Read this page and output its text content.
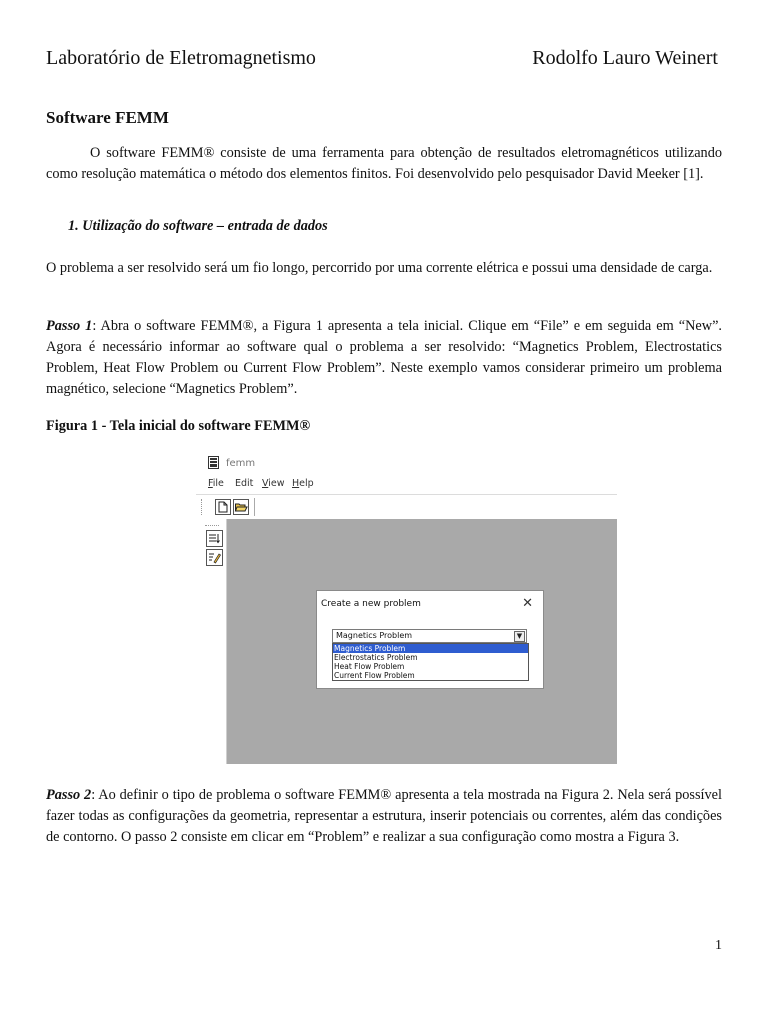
Laboratório de Eletromagnetismo	Rodolfo Lauro Weinert
Software FEMM

O software FEMM® consiste de uma ferramenta para obtenção de resultados eletromagnéticos utilizando como resolução matemática o método dos elementos finitos. Foi desenvolvido pelo pesquisador David Meeker [1].

1. Utilização do software – entrada de dados

O problema a ser resolvido será um fio longo, percorrido por uma corrente elétrica e possui uma densidade de carga.

Passo 1: Abra o software FEMM®, a Figura 1 apresenta a tela inicial. Clique em “File” e em seguida em “New”. Agora é necessário informar ao software qual o problema a ser resolvido: “Magnetics Problem, Electrostatics Problem, Heat Flow Problem ou Current Flow Problem”. Neste exemplo vamos considerar primeiro um problema magnético, selecione “Magnetics Problem”.

Figura 1 - Tela inicial do software FEMM®
femm
File Edit View Help
Create a new problem	✕
Magnetics Problem	▼
Magnetics Problem
Electrostatics Problem
Heat Flow Problem
Current Flow Problem

Passo 2: Ao definir o tipo de problema o software FEMM® apresenta a tela mostrada na Figura 2. Nela será possível fazer todas as configurações da geometria, representar a estrutura, inserir potenciais ou correntes, além das condições de contorno. O passo 2 consiste em clicar em “Problem” e realizar a sua configuração como mostra a Figura 3.

1
